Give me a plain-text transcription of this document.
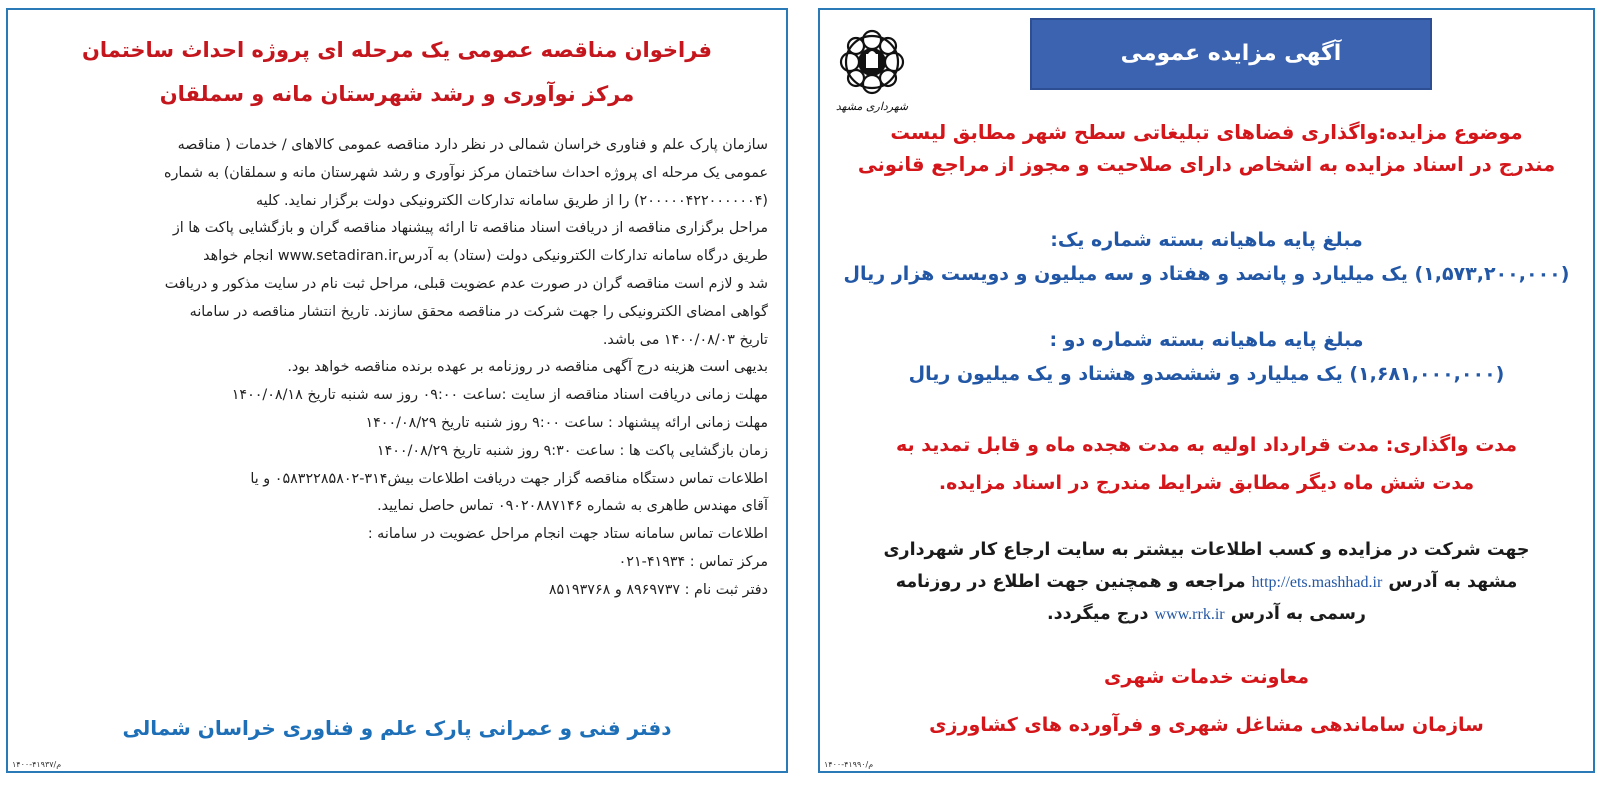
فراخوان مناقصه عمومی یک مرحله ای پروژه احداث ساختمان
مرکز نوآوری و رشد شهرستان مانه و سملقان

سازمان پارک علم و فناوری خراسان شمالی در نظر دارد مناقصه عمومی کالاهای / خدمات ( مناقصه

عمومی یک مرحله ای پروژه احداث ساختمان مرکز نوآوری و رشد شهرستان مانه و سملقان) به شماره

(۲۰۰۰۰۰۴۲۲۰۰۰۰۰۰۴) را از طریق سامانه تدارکات الکترونیکی دولت برگزار نماید. کلیه

مراحل برگزاری مناقصه از دریافت اسناد مناقصه تا ارائه پیشنهاد مناقصه گران و بازگشایی پاکت ها از

طریق درگاه سامانه تدارکات الکترونیکی دولت (ستاد) به آدرسwww.setadiran.ir انجام خواهد

شد و لازم است مناقصه گران در صورت عدم عضویت قبلی، مراحل ثبت نام در سایت مذکور و دریافت

گواهی امضای الکترونیکی را جهت شرکت در مناقصه محقق سازند. تاریخ انتشار مناقصه در سامانه

تاریخ ۱۴۰۰/۰۸/۰۳ می باشد.

بدیهی است هزینه درج آگهی مناقصه در روزنامه بر عهده برنده مناقصه خواهد بود.

مهلت زمانی دریافت اسناد مناقصه از سایت :ساعت ۰۹:۰۰ روز سه شنبه تاریخ ۱۴۰۰/۰۸/۱۸

مهلت زمانی ارائه پیشنهاد : ساعت ۹:۰۰ روز شنبه تاریخ ۱۴۰۰/۰۸/۲۹

زمان بازگشایی پاکت ها : ساعت ۹:۳۰ روز شنبه تاریخ ۱۴۰۰/۰۸/۲۹

اطلاعات تماس دستگاه مناقصه گزار جهت دریافت اطلاعات بیش۳۱۴-۰۵۸۳۲۲۸۵۸۰۲ و یا

آقای مهندس طاهری به شماره ۰۹۰۲۰۸۸۷۱۴۶ تماس حاصل نمایید.

اطلاعات تماس سامانه ستاد جهت انجام مراحل عضویت در سامانه :

مرکز تماس : ۴۱۹۳۴-۰۲۱

دفتر ثبت نام : ۸۹۶۹۷۳۷ و ۸۵۱۹۳۷۶۸

دفتر فنی و عمرانی پارک علم و فناوری خراسان شمالی
۱۴۰۰-۴۱۹۳۷/م
آگهی مزایده عمومی
شهرداری مشهد
موضوع مزایده:واگذاری فضاهای تبلیغاتی سطح شهر مطابق لیست
مندرج در اسناد مزایده به اشخاص دارای صلاحیت و مجوز از مراجع قانونی
مبلغ پایه ماهیانه بسته شماره یک:
(۱,۵۷۳,۲۰۰,۰۰۰) یک میلیارد و پانصد و هفتاد و سه میلیون و دویست هزار ریال
مبلغ پایه ماهیانه بسته شماره دو :
(۱,۶۸۱,۰۰۰,۰۰۰) یک میلیارد و ششصدو هشتاد و یک میلیون ریال
مدت واگذاری: مدت قرارداد اولیه به مدت هجده ماه و قابل تمدید به
مدت شش ماه دیگر مطابق شرایط مندرج در اسناد مزایده.
جهت شرکت در مزایده و کسب اطلاعات بیشتر به سایت ارجاع کار شهرداری
مشهد به آدرس http://ets.mashhad.ir مراجعه و همچنین جهت اطلاع در روزنامه
رسمی به آدرس www.rrk.ir درج میگردد.
معاونت خدمات شهری
سازمان ساماندهی مشاغل شهری و فرآورده های کشاورزی
۱۴۰۰-۴۱۹۹۰/م
